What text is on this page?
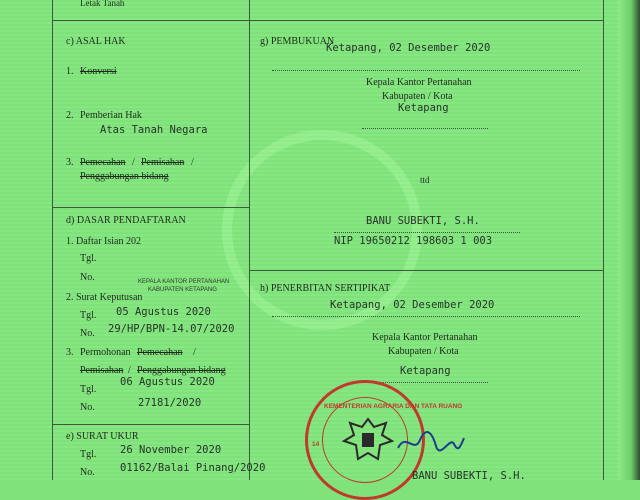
Letak Tanah
c) ASAL HAK
1. Konversi
2. Pemberian Hak
Atas Tanah Negara
3. Pemecahan / Pemisahan /
Penggabungan bidang
g) PEMBUKUAN
Ketapang, 02 Desember 2020
Kepala Kantor Pertanahan
Kabupaten / Kota
Ketapang
ttd
BANU SUBEKTI, S.H.
NIP 19650212 198603 1 003
d) DASAR PENDAFTARAN
1. Daftar Isian 202
Tgl.
No.	KEPALA KANTOR PERTANAHAN
KABUPATEN KETAPANG
2. Surat Keputusan
Tgl. 05 Agustus 2020
No. 29/HP/BPN-14.07/2020
3. Permohonan Pemecahan /
Pemisahan / Penggabungan bidang
Tgl.
06 Agustus 2020
No.	27181/2020
e) SURAT UKUR
Tgl. 26 November 2020
No. 01162/Balai Pinang/2020
h) PENERBITAN SERTIPIKAT
Ketapang, 02 Desember 2020
Kepala Kantor Pertanahan
Kabupaten / Kota
Ketapang
KEMENTERIAN AGRARIA DAN TATA RUANG
14
BANU SUBEKTI, S.H.
